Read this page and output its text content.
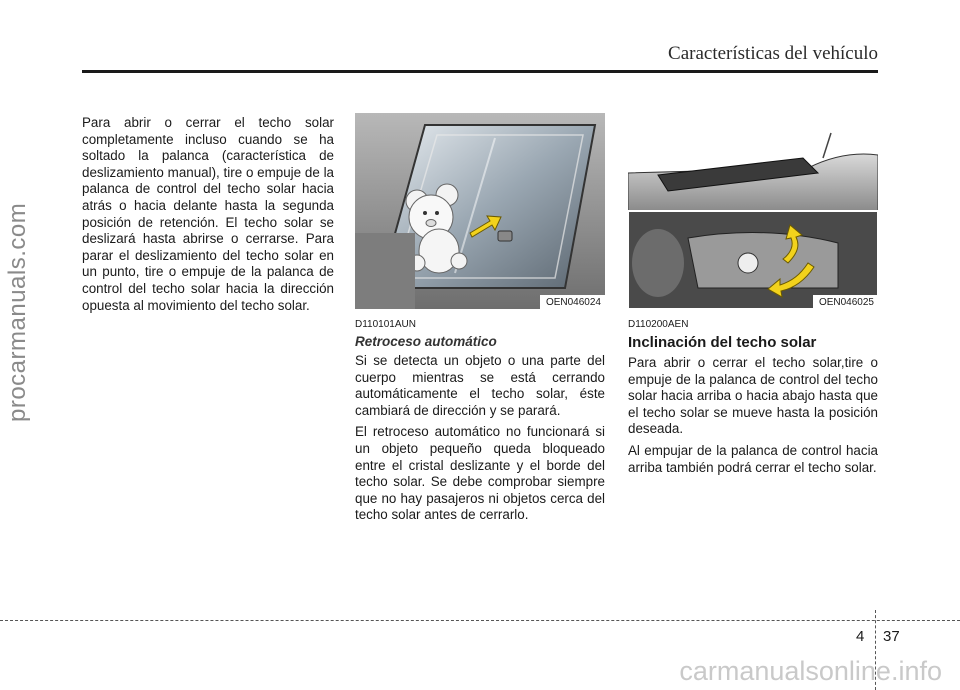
Características del vehículo
procarmanuals.com

Para abrir o cerrar el techo solar completamente incluso cuando se ha soltado la palanca (característica de deslizamiento manual), tire o empuje de la palanca de control del techo solar hacia atrás o hacia delante hasta la segunda posición de retención. El techo solar se deslizará hasta abrirse o cerrarse. Para parar el deslizamiento del techo solar en un punto, tire o empuje de la palanca de control del techo solar hacia la dirección opuesta al movimiento del techo solar.	OEN046024	OEN046025

D110101AUN

Retroceso automático

Si se detecta un objeto o una parte del cuerpo mientras se está cerrando automáticamente el techo solar, éste cambiará de dirección y se parará.

El retroceso automático no funcionará si un objeto pequeño queda bloqueado entre el cristal deslizante y el borde del techo solar. Se debe comprobar siempre que no hay pasajeros ni objetos cerca del techo solar antes de cerrarlo.

D110200AEN

Inclinación del techo solar

Para abrir o cerrar el techo solar,tire o empuje de la palanca de control del techo solar hacia arriba o hacia abajo hasta que el techo solar se mueve hasta la posición deseada.

Al empujar de la palanca de control hacia arriba también podrá cerrar el techo solar.

4 37
carmanualsonline.info
